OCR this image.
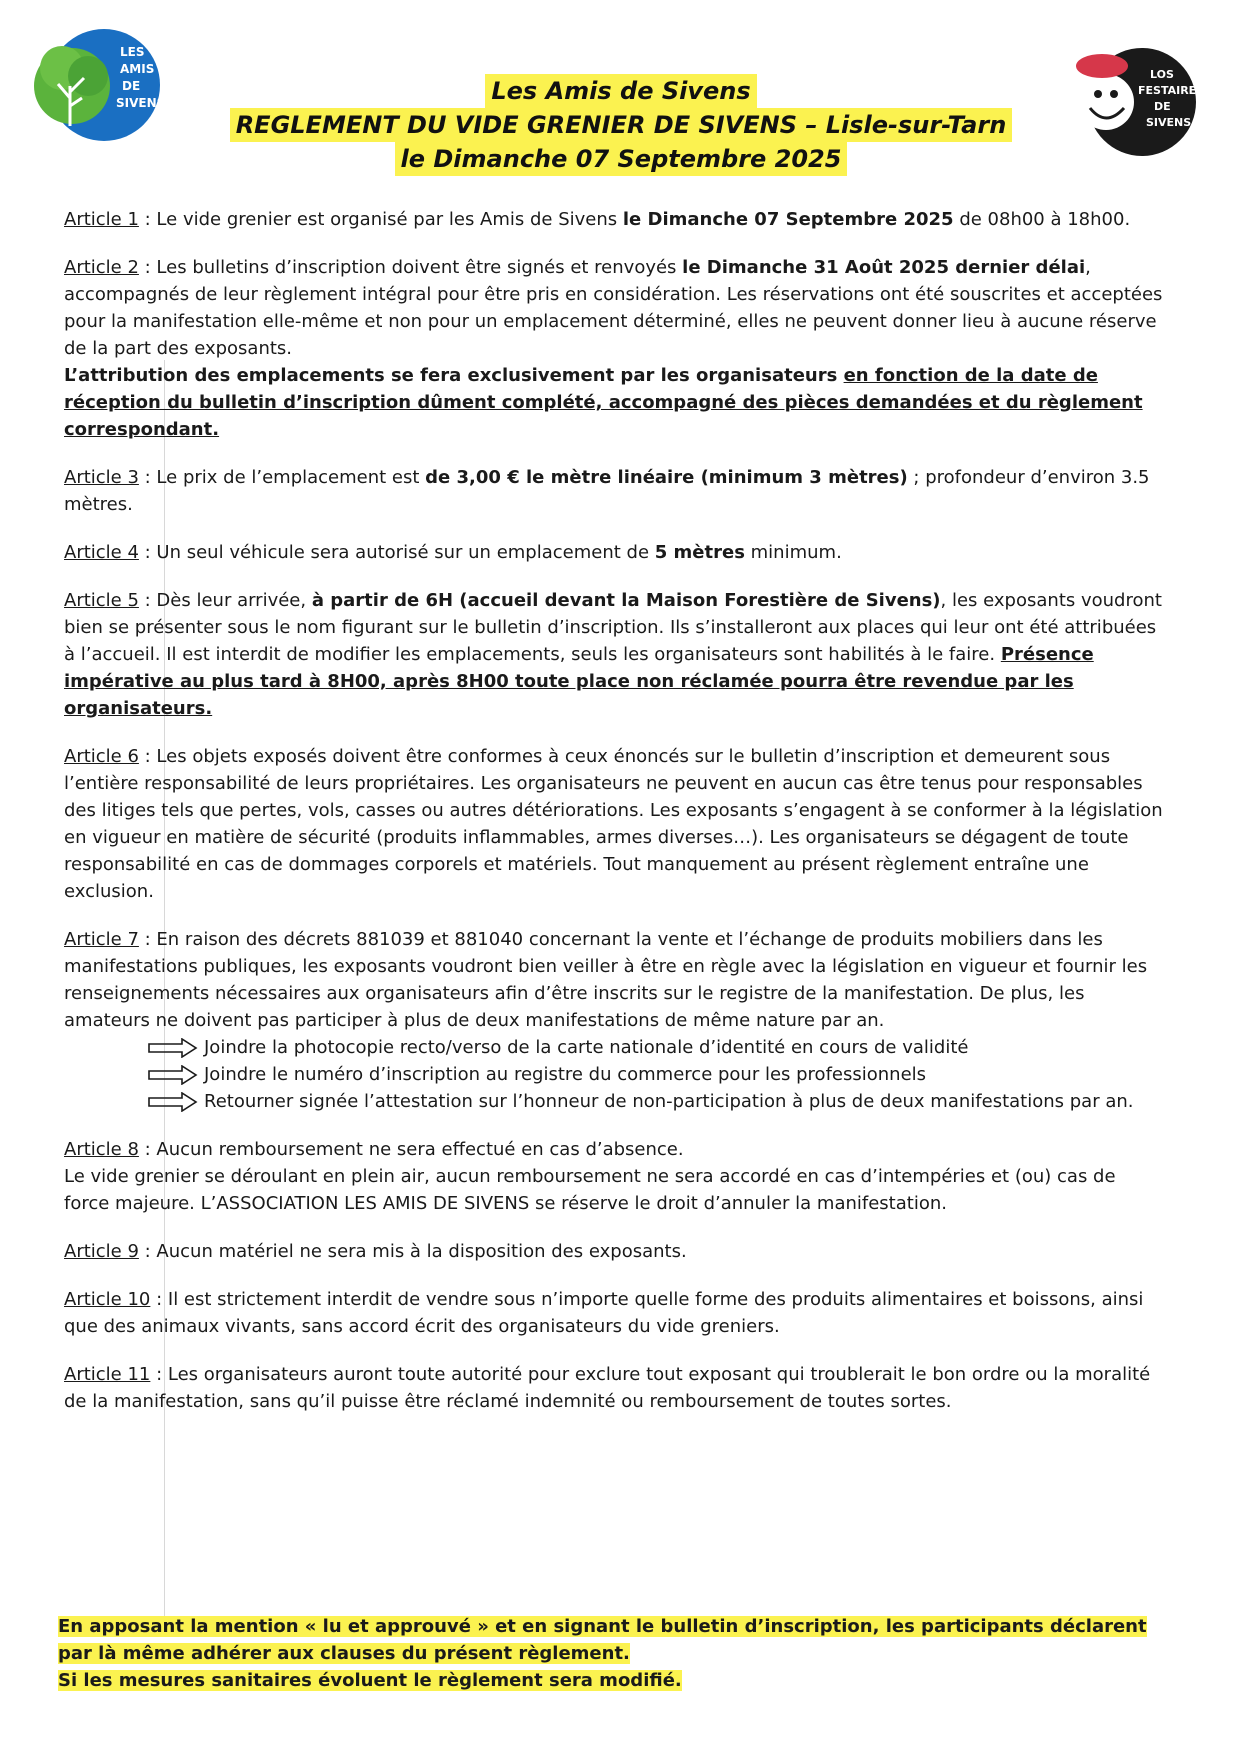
LES
AMIS
DE
SIVENS
LOS
FESTAIRES
DE
SIVENS
Les Amis de Sivens
REGLEMENT DU VIDE GRENIER DE SIVENS – Lisle-sur-Tarn
le Dimanche 07 Septembre 2025
Article 1 : Le vide grenier est organisé par les Amis de Sivens le Dimanche 07 Septembre 2025 de 08h00 à 18h00.

Article 2 : Les bulletins d’inscription doivent être signés et renvoyés le Dimanche 31 Août 2025 dernier délai, accompagnés de leur règlement intégral pour être pris en considération. Les réservations ont été souscrites et acceptées pour la manifestation elle-même et non pour un emplacement déterminé, elles ne peuvent donner lieu à aucune réserve de la part des exposants.

L’attribution des emplacements se fera exclusivement par les organisateurs en fonction de la date de réception du bulletin d’inscription dûment complété, accompagné des pièces demandées et du règlement correspondant.

Article 3 : Le prix de l’emplacement est de 3,00 € le mètre linéaire (minimum 3 mètres) ; profondeur d’environ 3.5 mètres.
Article 4 : Un seul véhicule sera autorisé sur un emplacement de 5 mètres minimum.
Article 5 : Dès leur arrivée, à partir de 6H (accueil devant la Maison Forestière de Sivens), les exposants voudront bien se présenter sous le nom figurant sur le bulletin d’inscription. Ils s’installeront aux places qui leur ont été attribuées à l’accueil. Il est interdit de modifier les emplacements, seuls les organisateurs sont habilités à le faire. Présence impérative au plus tard à 8H00, après 8H00 toute place non réclamée pourra être revendue par les organisateurs.
Article 6 : Les objets exposés doivent être conformes à ceux énoncés sur le bulletin d’inscription et demeurent sous l’entière responsabilité de leurs propriétaires. Les organisateurs ne peuvent en aucun cas être tenus pour responsables des litiges tels que pertes, vols, casses ou autres détériorations. Les exposants s’engagent à se conformer à la législation en vigueur en matière de sécurité (produits inflammables, armes diverses…). Les organisateurs se dégagent de toute responsabilité en cas de dommages corporels et matériels. Tout manquement au présent règlement entraîne une exclusion.

Article 7 : En raison des décrets 881039 et 881040 concernant la vente et l’échange de produits mobiliers dans les manifestations publiques, les exposants voudront bien veiller à être en règle avec la législation en vigueur et fournir les renseignements nécessaires aux organisateurs afin d’être inscrits sur le registre de la manifestation. De plus, les amateurs ne doivent pas participer à plus de deux manifestations de même nature par an.

Joindre la photocopie recto/verso de la carte nationale d’identité en cours de validité
Joindre le numéro d’inscription au registre du commerce pour les professionnels
Retourner signée l’attestation sur l’honneur de non-participation à plus de deux manifestations par an.

Article 8 : Aucun remboursement ne sera effectué en cas d’absence.

Le vide grenier se déroulant en plein air, aucun remboursement ne sera accordé en cas d’intempéries et (ou) cas de force majeure. L’ASSOCIATION LES AMIS DE SIVENS se réserve le droit d’annuler la manifestation.

Article 9 : Aucun matériel ne sera mis à la disposition des exposants.
Article 10 : Il est strictement interdit de vendre sous n’importe quelle forme des produits alimentaires et boissons, ainsi que des animaux vivants, sans accord écrit des organisateurs du vide greniers.
Article 11 : Les organisateurs auront toute autorité pour exclure tout exposant qui troublerait le bon ordre ou la moralité de la manifestation, sans qu’il puisse être réclamé indemnité ou remboursement de toutes sortes.
En apposant la mention « lu et approuvé » et en signant le bulletin d’inscription, les participants déclarent par là même adhérer aux clauses du présent règlement.
Si les mesures sanitaires évoluent le règlement sera modifié.
